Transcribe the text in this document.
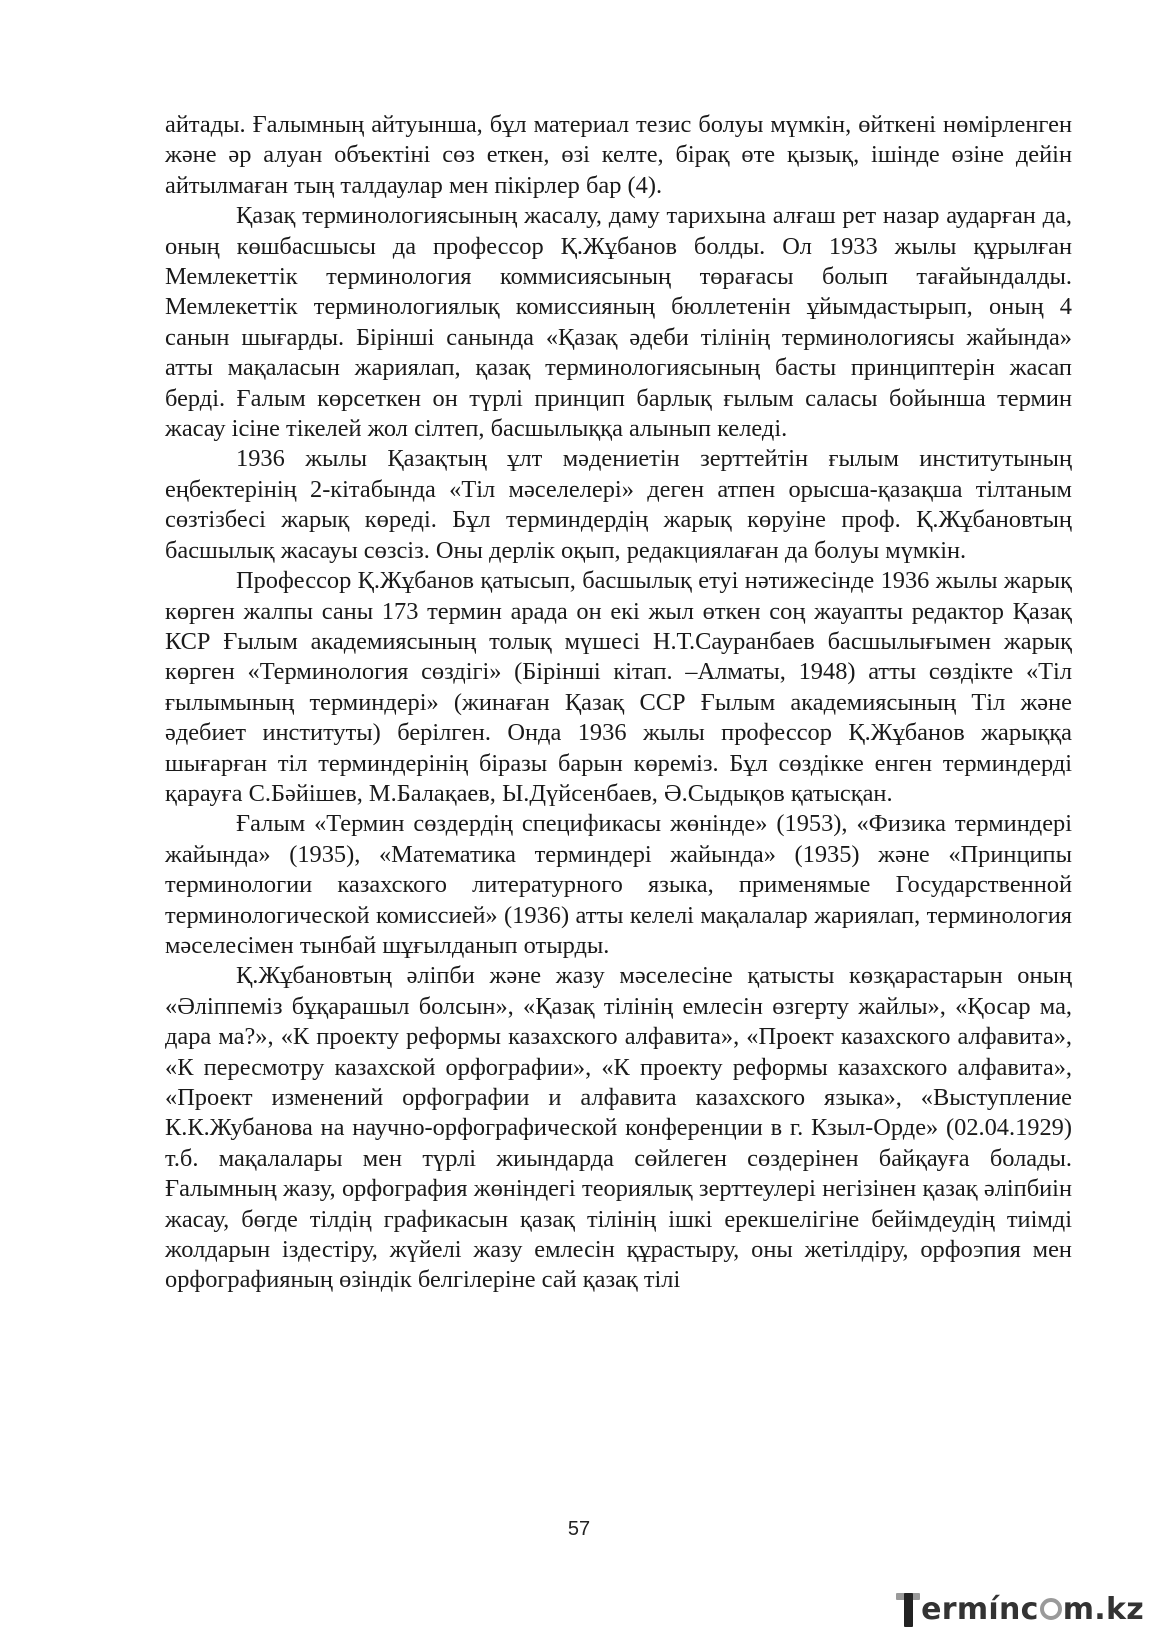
айтады. Ғалымның айтуынша, бұл материал тезис болуы мүмкін, өйткені нөмірленген және әр алуан объектіні сөз еткен, өзі келте, бірақ өте қызық, ішінде өзіне дейін айтылмаған тың талдаулар мен пікірлер бар (4).

Қазақ терминологиясының жасалу, даму тарихына алғаш рет назар аударған да, оның көшбасшысы да профессор Қ.Жұбанов болды. Ол 1933 жылы құрылған Мемлекеттік терминология коммисиясының төрағасы болып тағайындалды. Мемлекеттік терминологиялық комиссияның бюллетенін ұйымдастырып, оның 4 санын шығарды. Бірінші санында «Қазақ әдеби тілінің терминологиясы жайында» атты мақаласын жариялап, қазақ терминологиясының басты принциптерін жасап берді. Ғалым көрсеткен он түрлі принцип барлық ғылым саласы бойынша термин жасау ісіне тікелей жол сілтеп, басшылыққа алынып келеді.

1936 жылы Қазақтың ұлт мәдениетін зерттейтін ғылым институтының еңбектерінің 2-кітабында «Тіл мәселелері» деген атпен орысша-қазақша тілтаным сөзтізбесі жарық көреді. Бұл терминдердің жарық көруіне проф. Қ.Жұбановтың басшылық жасауы сөзсіз. Оны дерлік оқып, редакциялаған да болуы мүмкін.

Профессор Қ.Жұбанов қатысып, басшылық етуі нәтижесінде 1936 жылы жарық көрген жалпы саны 173 термин арада он екі жыл өткен соң жауапты редактор Қазақ КСР Ғылым академиясының толық мүшесі Н.Т.Сауранбаев басшылығымен жарық көрген «Терминология сөздігі» (Бірінші кітап. –Алматы, 1948) атты сөздікте «Тіл ғылымының терминдері» (жинаған Қазақ ССР Ғылым академиясының Тіл және әдебиет институты) берілген. Онда 1936 жылы профессор Қ.Жұбанов жарыққа шығарған тіл терминдерінің біразы барын көреміз. Бұл сөздікке енген терминдерді қарауға С.Бәйішев, М.Балақаев, Ы.Дүйсенбаев, Ә.Сыдықов қатысқан.

Ғалым «Термин сөздердің спецификасы жөнінде» (1953), «Физика терминдері жайында» (1935), «Математика терминдері жайында» (1935) және «Принципы терминологии казахского литературного языка, применямые Государственной терминологической комиссией» (1936) атты келелі мақалалар жариялап, терминология мәселесімен тынбай шұғылданып отырды.

Қ.Жұбановтың әліпби және жазу мәселесіне қатысты көзқарастарын оның «Әліппеміз бұқарашыл болсын», «Қазақ тілінің емлесін өзгерту жайлы», «Қосар ма, дара ма?», «К проекту реформы казахского алфавита», «Проект казахского алфавита», «К пересмотру казахской орфографии», «К проекту реформы казахского алфавита», «Проект изменений орфографии и алфавита казахского языка», «Выступление К.К.Жубанова на научно-орфографической конференции в г. Кзыл-Орде» (02.04.1929) т.б. мақалалары мен түрлі жиындарда сөйлеген сөздерінен байқауға болады. Ғалымның жазу, орфография жөніндегі теориялық зерттеулері негізінен қазақ әліпбиін жасау, бөгде тілдің графикасын қазақ тілінің ішкі ерекшелігіне бейімдеудің тиімді жолдарын іздестіру, жүйелі жазу емлесін құрастыру, оны жетілдіру, орфоэпия мен орфографияның өзіндік белгілеріне сай қазақ тілі

57
ermínc m.kz
